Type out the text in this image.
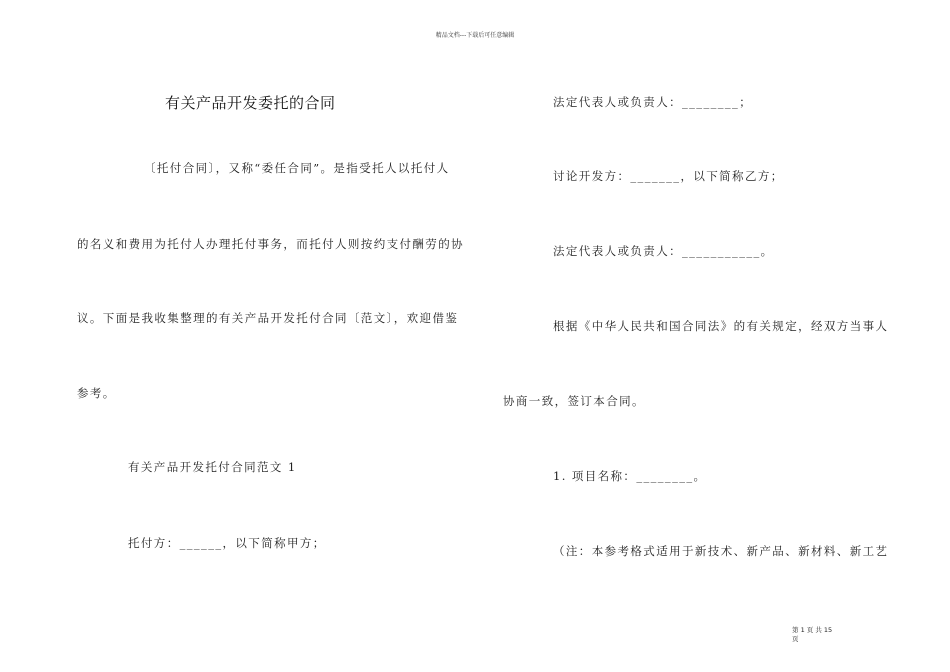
精品文档---下载后可任意编辑
有关产品开发委托的合同
〔托付合同〕，又称“委任合同”。是指受托人以托付人
的名义和费用为托付人办理托付事务，而托付人则按约支付酬劳的协
议。下面是我收集整理的有关产品开发托付合同〔范文〕，欢迎借鉴
参考。
有关产品开发托付合同范文 1
托付方：______，以下简称甲方；
法定代表人或负责人：________；
讨论开发方：_______，以下简称乙方；
法定代表人或负责人：___________。
根据《中华人民共和国合同法》的有关规定，经双方当事人
协商一致，签订本合同。
1. 项目名称：________。
（注：本参考格式适用于新技术、新产品、新材料、新工艺
第 1 页 共 15 页
